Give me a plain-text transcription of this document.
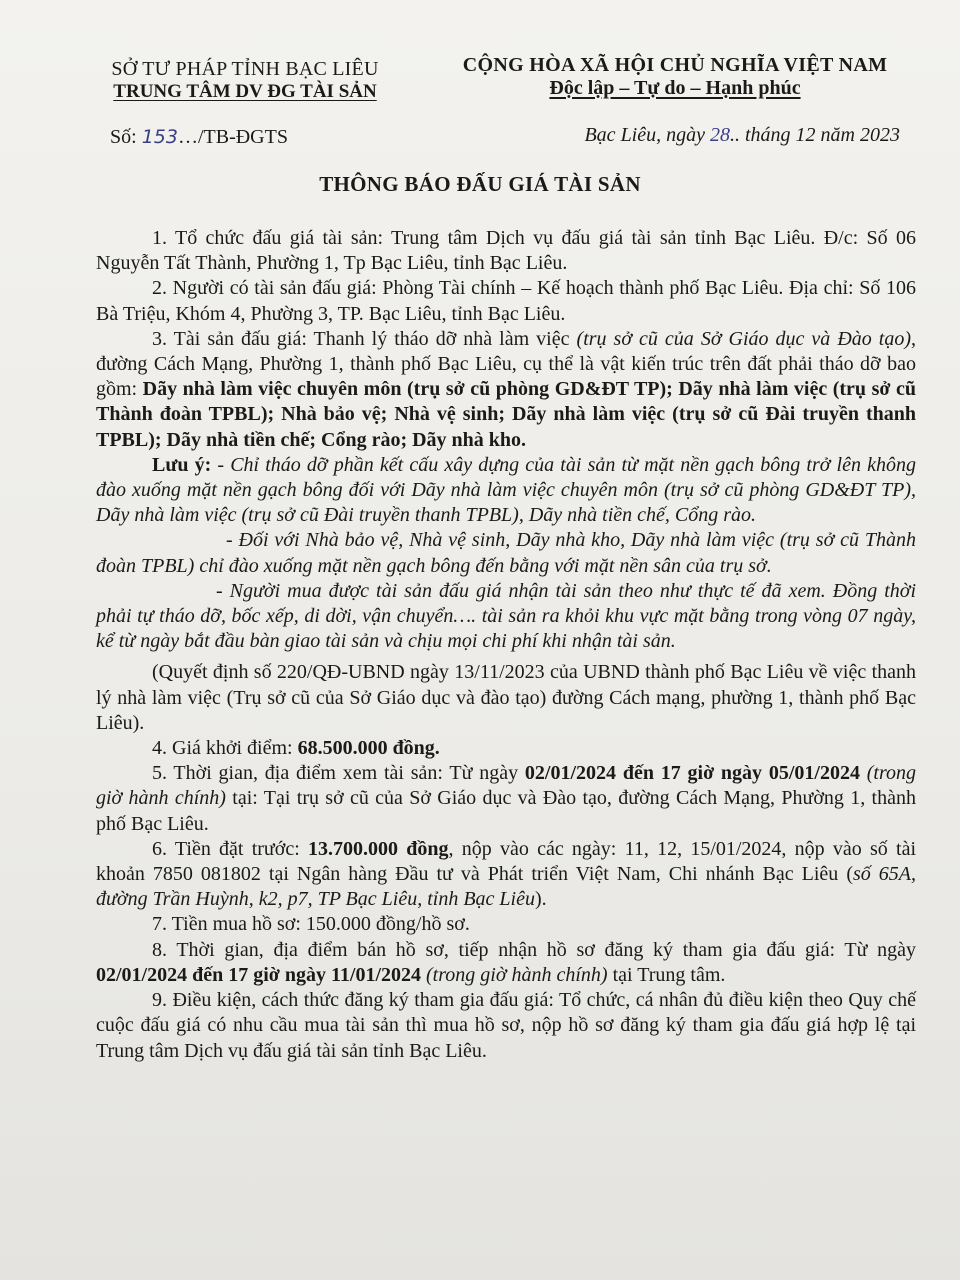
SỞ TƯ PHÁP TỈNH BẠC LIÊU
TRUNG TÂM DV ĐG TÀI SẢN
CỘNG HÒA XÃ HỘI CHỦ NGHĨA VIỆT NAM
Độc lập – Tự do – Hạnh phúc
Số: 153…/TB-ĐGTS	Bạc Liêu, ngày 28.. tháng 12 năm 2023
THÔNG BÁO ĐẤU GIÁ TÀI SẢN

1. Tổ chức đấu giá tài sản: Trung tâm Dịch vụ đấu giá tài sản tỉnh Bạc Liêu. Đ/c: Số 06 Nguyễn Tất Thành, Phường 1, Tp Bạc Liêu, tỉnh Bạc Liêu.

2. Người có tài sản đấu giá: Phòng Tài chính – Kế hoạch thành phố Bạc Liêu. Địa chỉ: Số 106 Bà Triệu, Khóm 4, Phường 3, TP. Bạc Liêu, tỉnh Bạc Liêu.

3. Tài sản đấu giá: Thanh lý tháo dỡ nhà làm việc (trụ sở cũ của Sở Giáo dục và Đào tạo), đường Cách Mạng, Phường 1, thành phố Bạc Liêu, cụ thể là vật kiến trúc trên đất phải tháo dỡ bao gồm: Dãy nhà làm việc chuyên môn (trụ sở cũ phòng GD&ĐT TP); Dãy nhà làm việc (trụ sở cũ Thành đoàn TPBL); Nhà bảo vệ; Nhà vệ sinh; Dãy nhà làm việc (trụ sở cũ Đài truyền thanh TPBL); Dãy nhà tiền chế; Cổng rào; Dãy nhà kho.

Lưu ý: - Chỉ tháo dỡ phần kết cấu xây dựng của tài sản từ mặt nền gạch bông trở lên không đào xuống mặt nền gạch bông đối với Dãy nhà làm việc chuyên môn (trụ sở cũ phòng GD&ĐT TP), Dãy nhà làm việc (trụ sở cũ Đài truyền thanh TPBL), Dãy nhà tiền chế, Cổng rào.

- Đối với Nhà bảo vệ, Nhà vệ sinh, Dãy nhà kho, Dãy nhà làm việc (trụ sở cũ Thành đoàn TPBL) chỉ đào xuống mặt nền gạch bông đến bằng với mặt nền sân của trụ sở.

- Người mua được tài sản đấu giá nhận tài sản theo như thực tế đã xem. Đồng thời phải tự tháo dỡ, bốc xếp, di dời, vận chuyển…. tài sản ra khỏi khu vực mặt bằng trong vòng 07 ngày, kể từ ngày bắt đầu bàn giao tài sản và chịu mọi chi phí khi nhận tài sản.

(Quyết định số 220/QĐ-UBND ngày 13/11/2023 của UBND thành phố Bạc Liêu về việc thanh lý nhà làm việc (Trụ sở cũ của Sở Giáo dục và đào tạo) đường Cách mạng, phường 1, thành phố Bạc Liêu).

4. Giá khởi điểm: 68.500.000 đồng.

5. Thời gian, địa điểm xem tài sản: Từ ngày 02/01/2024 đến 17 giờ ngày 05/01/2024 (trong giờ hành chính) tại: Tại trụ sở cũ của Sở Giáo dục và Đào tạo, đường Cách Mạng, Phường 1, thành phố Bạc Liêu.

6. Tiền đặt trước: 13.700.000 đồng, nộp vào các ngày: 11, 12, 15/01/2024, nộp vào số tài khoản 7850 081802 tại Ngân hàng Đầu tư và Phát triển Việt Nam, Chi nhánh Bạc Liêu (số 65A, đường Trần Huỳnh, k2, p7, TP Bạc Liêu, tỉnh Bạc Liêu).

7. Tiền mua hồ sơ: 150.000 đồng/hồ sơ.

8. Thời gian, địa điểm bán hồ sơ, tiếp nhận hồ sơ đăng ký tham gia đấu giá: Từ ngày 02/01/2024 đến 17 giờ ngày 11/01/2024 (trong giờ hành chính) tại Trung tâm.

9. Điều kiện, cách thức đăng ký tham gia đấu giá: Tổ chức, cá nhân đủ điều kiện theo Quy chế cuộc đấu giá có nhu cầu mua tài sản thì mua hồ sơ, nộp hồ sơ đăng ký tham gia đấu giá hợp lệ tại Trung tâm Dịch vụ đấu giá tài sản tỉnh Bạc Liêu.
